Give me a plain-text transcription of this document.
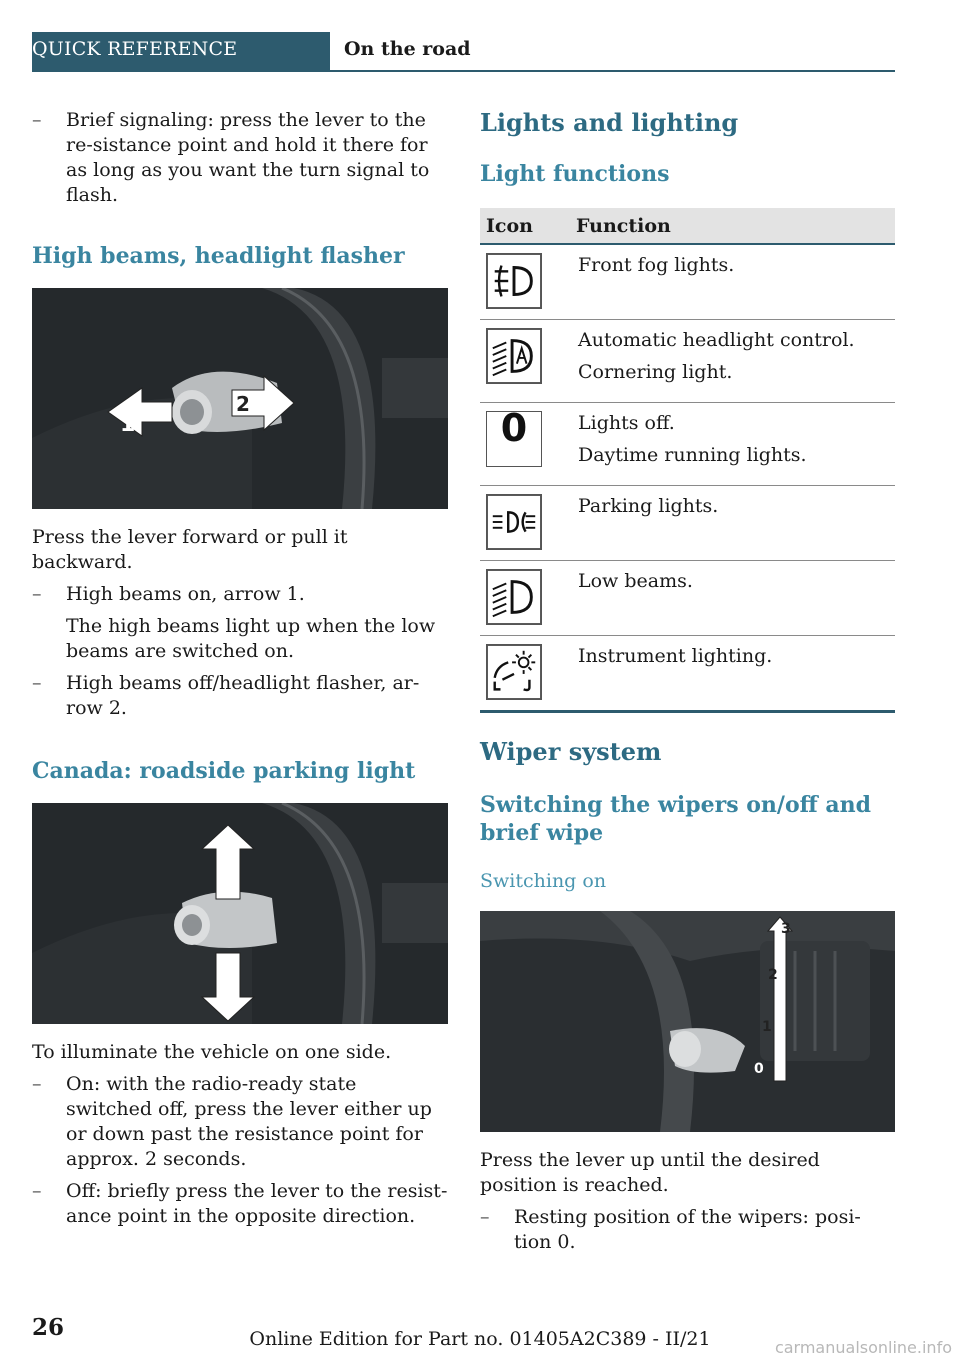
QUICK REFERENCE	On the road
– Brief signaling: press the lever to the re-sistance point and hold it there for as long as you want the turn signal to flash.
High beams, headlight flasher
1
2

Press the lever forward or pull it backward.

– High beams on, arrow 1.
The high beams light up when the low beams are switched on.
– High beams off/headlight flasher, ar-row 2.
Canada: roadside parking light

To illuminate the vehicle on one side.

– On: with the radio-ready state switched off, press the lever either up or down past the resistance point for approx. 2 seconds.
– Off: briefly press the lever to the resist-ance point in the opposite direction.
Lights and lighting
Light functions
Icon	Function

Front fog lights.

Automatic headlight control.
Cornering light.

0	Lights off.
Daytime running lights.

Parking lights.

Low beams.

Instrument lighting.
Wiper system
Switching the wipers on/off and brief wipe
Switching on
3
2
1
0

Press the lever up until the desired position is reached.

– Resting position of the wipers: posi-tion 0.
26	Online Edition for Part no. 01405A2C389 - II/21	carmanualsonline.info
